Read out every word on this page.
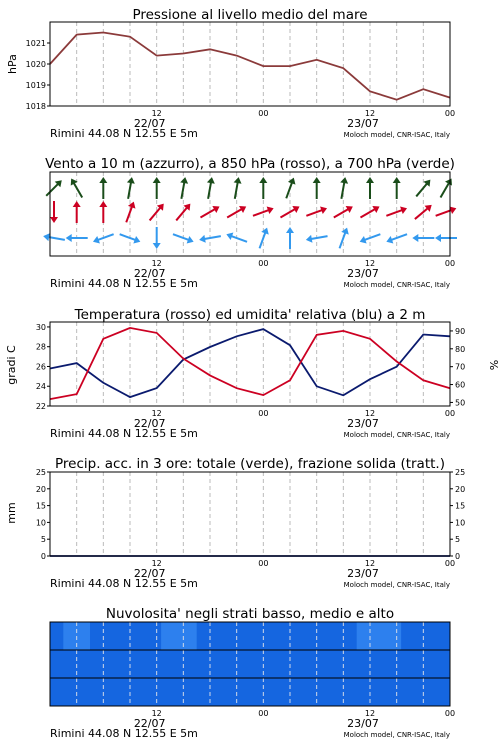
Pressione al livello medio del mare
hPa
1018
1019
1020
1021
12	00	12	00
22/07	23/07
Rimini 44.08 N 12.55 E 5m	Moloch model, CNR-ISAC, Italy
Vento a 10 m (azzurro), a 850 hPa (rosso), a 700 hPa (verde)
12	00	12	00
22/07	23/07
Rimini 44.08 N 12.55 E 5m	Moloch model, CNR-ISAC, Italy
Temperatura (rosso) ed umidita' relativa (blu) a 2 m
gradi C	%
22
24
26
28
30
50
60
70
80
90
12	00	12	00
22/07	23/07
Rimini 44.08 N 12.55 E 5m	Moloch model, CNR-ISAC, Italy
Precip. acc. in 3 ore: totale (verde), frazione solida (tratt.)
mm
0
5
10
15
20
25
0
5
10
15
20
25
12	00	12	00
22/07	23/07
Rimini 44.08 N 12.55 E 5m	Moloch model, CNR-ISAC, Italy
Nuvolosita' negli strati basso, medio e alto
12	00	12	00
22/07	23/07
Rimini 44.08 N 12.55 E 5m	Moloch model, CNR-ISAC, Italy
